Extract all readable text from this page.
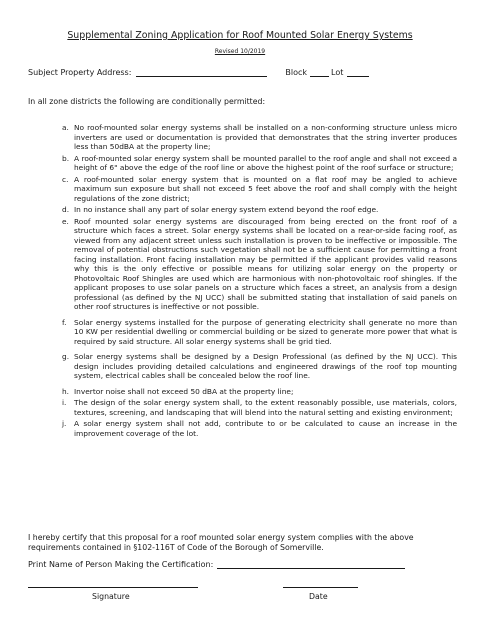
Supplemental Zoning Application for Roof Mounted Solar Energy Systems
Revised 10/2019
Subject Property Address:	Block	Lot
In all zone districts the following are conditionally permitted:
a. No roof-mounted solar energy systems shall be installed on a non-conforming structure unless micro inverters are used or documentation is provided that demonstrates that the string inverter produces less than 50dBA at the property line;
b. A roof-mounted solar energy system shall be mounted parallel to the roof angle and shall not exceed a height of 6" above the edge of the roof line or above the highest point of the roof surface or structure;
c. A roof-mounted solar energy system that is mounted on a flat roof may be angled to achieve maximum sun exposure but shall not exceed 5 feet above the roof and shall comply with the height regulations of the zone district;
d. In no instance shall any part of solar energy system extend beyond the roof edge.
e. Roof mounted solar energy systems are discouraged from being erected on the front roof of a structure which faces a street. Solar energy systems shall be located on a rear-or-side facing roof, as viewed from any adjacent street unless such installation is proven to be ineffective or impossible. The removal of potential obstructions such vegetation shall not be a sufficient cause for permitting a front facing installation. Front facing installation may be permitted if the applicant provides valid reasons why this is the only effective or possible means for utilizing solar energy on the property or Photovoltaic Roof Shingles are used which are harmonious with non-photovoltaic roof shingles. If the applicant proposes to use solar panels on a structure which faces a street, an analysis from a design professional (as defined by the NJ UCC) shall be submitted stating that installation of said panels on other roof structures is ineffective or not possible.
f.	Solar energy systems installed for the purpose of generating electricity shall generate no more than 10 KW per residential dwelling or commercial building or be sized to generate more power that what is required by said structure. All solar energy systems shall be grid tied.
g. Solar energy systems shall be designed by a Design Professional (as defined by the NJ UCC). This design includes providing detailed calculations and engineered drawings of the roof top mounting system, electrical cables shall be concealed below the roof line.
h. Invertor noise shall not exceed 50 dBA at the property line;
i.	The design of the solar energy system shall, to the extent reasonably possible, use materials, colors, textures, screening, and landscaping that will blend into the natural setting and existing environment;
j.	A solar energy system shall not add, contribute to or be calculated to cause an increase in the improvement coverage of the lot.
I hereby certify that this proposal for a roof mounted solar energy system complies with the above requirements contained in §102-116T of Code of the Borough of Somerville.
Print Name of Person Making the Certification:
Signature	Date
